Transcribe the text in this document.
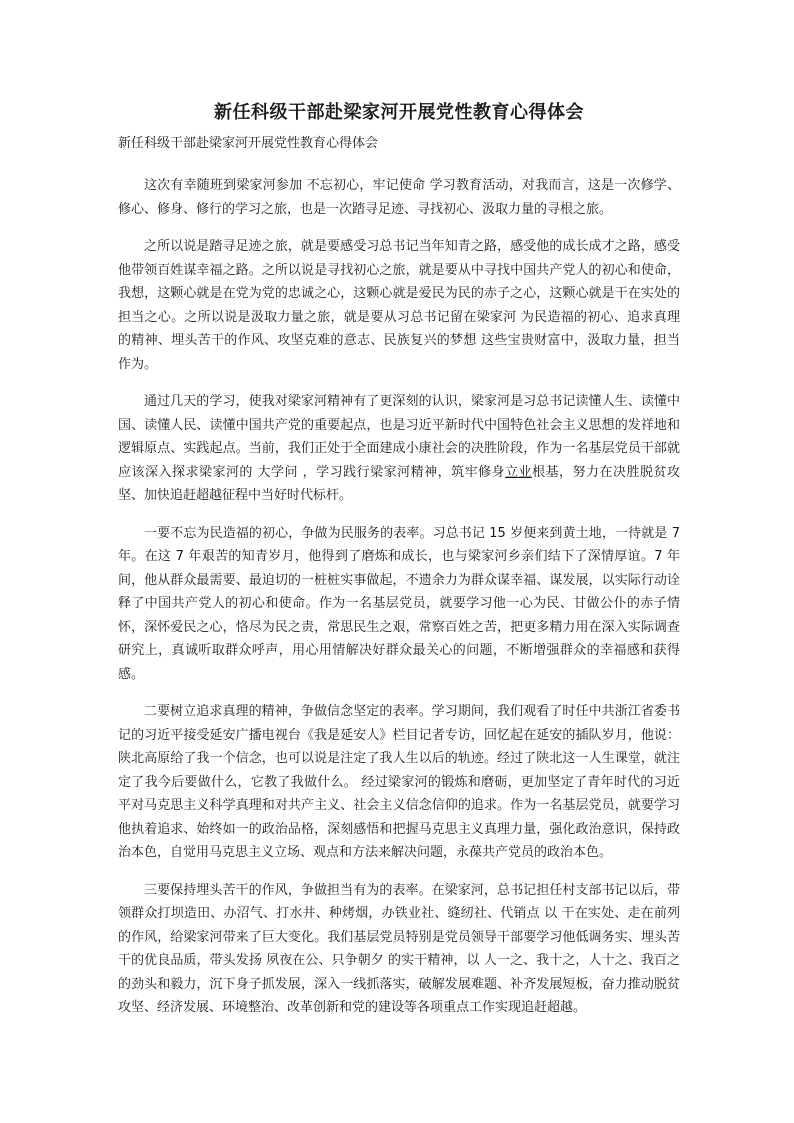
新任科级干部赴梁家河开展党性教育心得体会
新任科级干部赴梁家河开展党性教育心得体会

这次有幸随班到梁家河参加 不忘初心，牢记使命 学习教育活动，对我而言，这是一次修学、修心、修身、修行的学习之旅，也是一次踏寻足迹、寻找初心、汲取力量的寻根之旅。

之所以说是踏寻足迹之旅，就是要感受习总书记当年知青之路，感受他的成长成才之路，感受他带领百姓谋幸福之路。之所以说是寻找初心之旅，就是要从中寻找中国共产党人的初心和使命，我想，这颗心就是在党为党的忠诚之心，这颗心就是爱民为民的赤子之心，这颗心就是干在实处的担当之心。之所以说是汲取力量之旅，就是要从习总书记留在梁家河 为民造福的初心、追求真理的精神、埋头苦干的作风、攻坚克难的意志、民族复兴的梦想 这些宝贵财富中，汲取力量，担当作为。

通过几天的学习，使我对梁家河精神有了更深刻的认识，梁家河是习总书记读懂人生、读懂中国、读懂人民、读懂中国共产党的重要起点，也是习近平新时代中国特色社会主义思想的发祥地和逻辑原点、实践起点。当前，我们正处于全面建成小康社会的决胜阶段，作为一名基层党员干部就应该深入探求梁家河的 大学问 ，学习践行梁家河精神，筑牢修身立业根基，努力在决胜脱贫攻坚、加快追赶超越征程中当好时代标杆。

一要不忘为民造福的初心，争做为民服务的表率。习总书记 15 岁便来到黄土地，一待就是 7 年。在这 7 年艰苦的知青岁月，他得到了磨炼和成长，也与梁家河乡亲们结下了深情厚谊。7 年间，他从群众最需要、最迫切的一桩桩实事做起，不遗余力为群众谋幸福、谋发展，以实际行动诠释了中国共产党人的初心和使命。作为一名基层党员，就要学习他一心为民、甘做公仆的赤子情怀，深怀爱民之心，恪尽为民之责，常思民生之艰，常察百姓之苦，把更多精力用在深入实际调查研究上，真诚听取群众呼声，用心用情解决好群众最关心的问题，不断增强群众的幸福感和获得感。

二要树立追求真理的精神，争做信念坚定的表率。学习期间，我们观看了时任中共浙江省委书记的习近平接受延安广播电视台《我是延安人》栏目记者专访，回忆起在延安的插队岁月，他说： 陕北高原给了我一个信念，也可以说是注定了我人生以后的轨迹。经过了陕北这一人生课堂，就注定了我今后要做什么，它教了我做什么。 经过梁家河的锻炼和磨砺，更加坚定了青年时代的习近平对马克思主义科学真理和对共产主义、社会主义信念信仰的追求。作为一名基层党员，就要学习他执着追求、始终如一的政治品格，深刻感悟和把握马克思主义真理力量，强化政治意识，保持政治本色，自觉用马克思主义立场、观点和方法来解决问题，永葆共产党员的政治本色。

三要保持埋头苦干的作风，争做担当有为的表率。在梁家河，总书记担任村支部书记以后，带领群众打坝造田、办沼气、打水井、种烤烟，办铁业社、缝纫社、代销点 以 干在实处、走在前列 的作风，给梁家河带来了巨大变化。我们基层党员特别是党员领导干部要学习他低调务实、埋头苦干的优良品质，带头发扬 夙夜在公、只争朝夕 的实干精神，以 人一之、我十之，人十之、我百之 的劲头和毅力，沉下身子抓发展，深入一线抓落实，破解发展难题、补齐发展短板，奋力推动脱贫攻坚、经济发展、环境整治、改革创新和党的建设等各项重点工作实现追赶超越。
